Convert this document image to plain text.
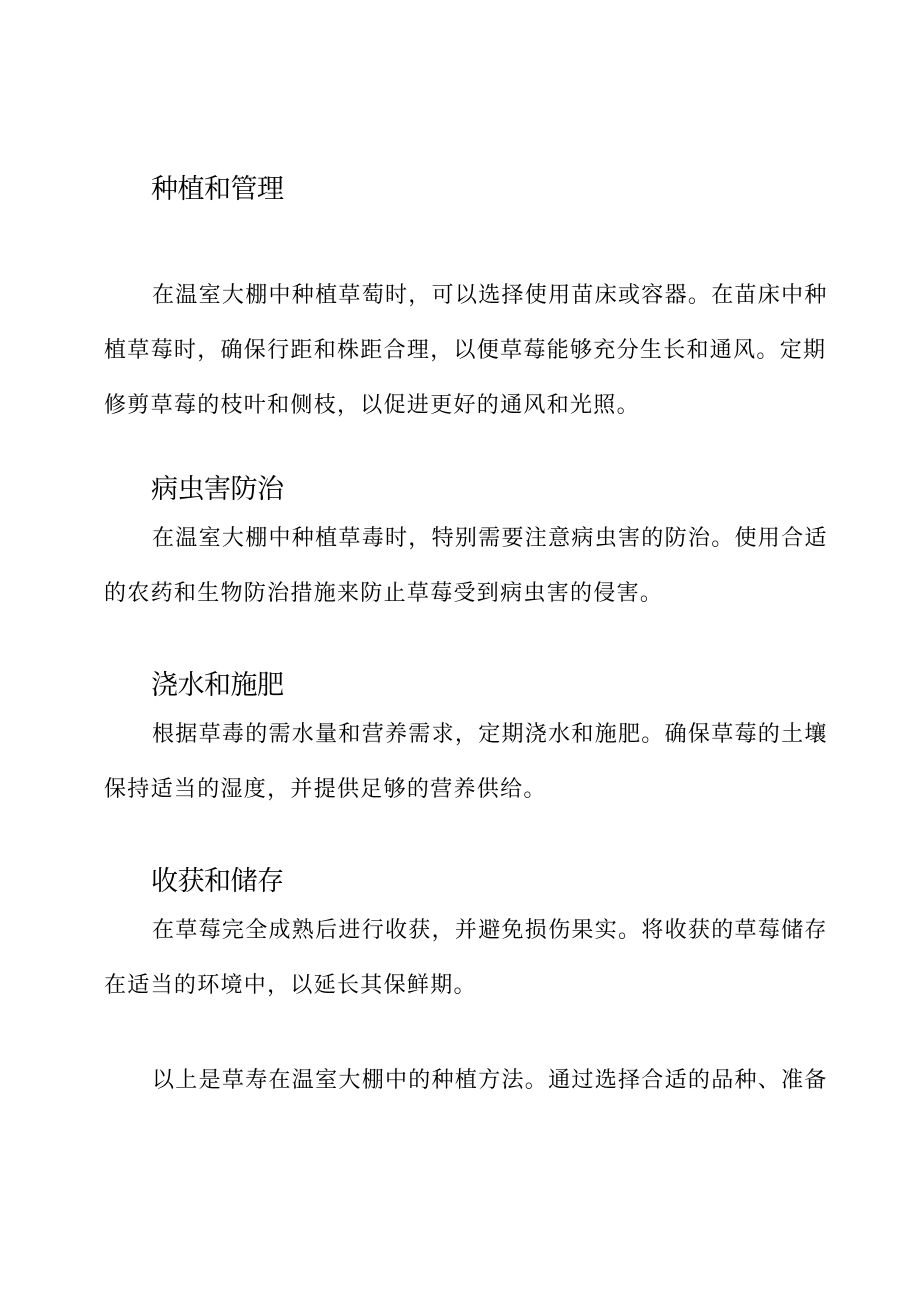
种植和管理

在温室大棚中种植草萄时，可以选择使用苗床或容器。在苗床中种
植草莓时，确保行距和株距合理，以便草莓能够充分生长和通风。定期
修剪草莓的枝叶和侧枝，以促进更好的通风和光照。

病虫害防治

在温室大棚中种植草毒时，特别需要注意病虫害的防治。使用合适
的农药和生物防治措施来防止草莓受到病虫害的侵害。

浇水和施肥

根据草毒的需水量和营养需求，定期浇水和施肥。确保草莓的土壤
保持适当的湿度，并提供足够的营养供给。

收获和储存

在草莓完全成熟后进行收获，并避免损伤果实。将收获的草莓储存
在适当的环境中，以延长其保鲜期。

以上是草寿在温室大棚中的种植方法。通过选择合适的品种、准备
